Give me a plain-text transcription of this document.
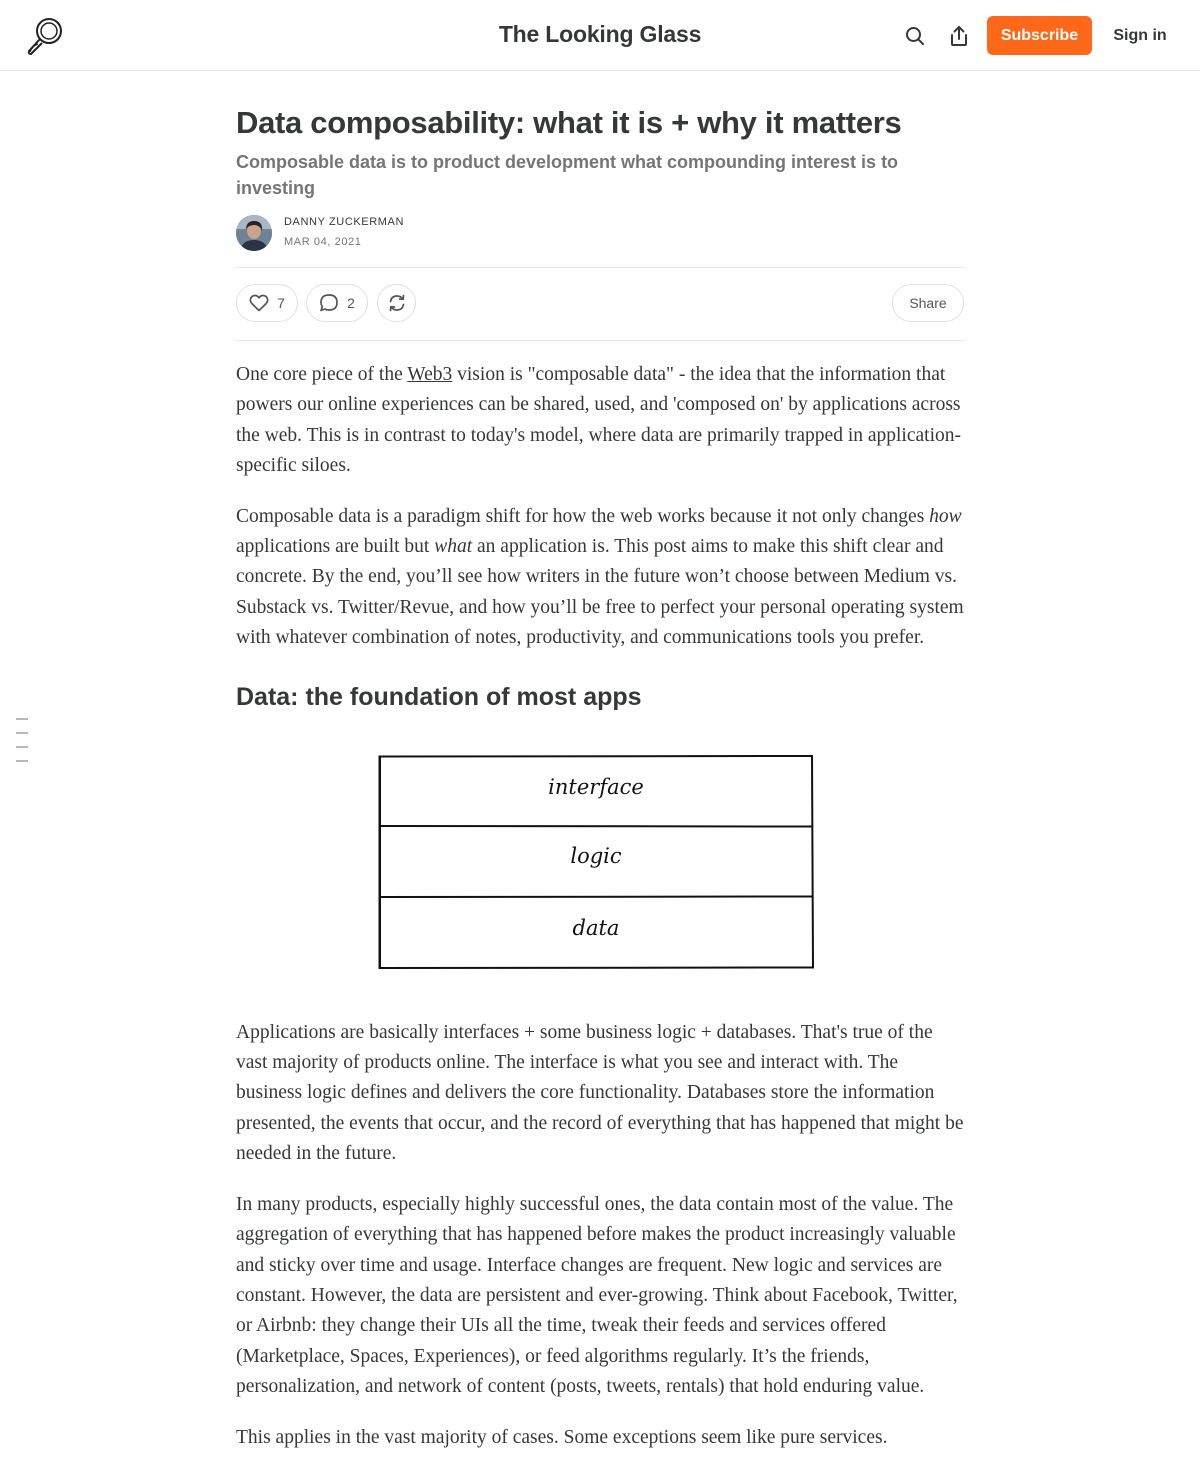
The Looking Glass	Subscribe	Sign in
Data composability: what it is + why it matters
Composable data is to product development what compounding interest is to investing
DANNY ZUCKERMAN
MAR 04, 2021
7	2	Share

One core piece of the Web3 vision is "composable data" - the idea that the information that powers our online experiences can be shared, used, and 'composed on' by applications across the web. This is in contrast to today's model, where data are primarily trapped in application-specific siloes.

Composable data is a paradigm shift for how the web works because it not only changes how applications are built but what an application is. This post aims to make this shift clear and concrete. By the end, you’ll see how writers in the future won’t choose between Medium vs. Substack vs. Twitter/Revue, and how you’ll be free to perfect your personal operating system with whatever combination of notes, productivity, and communications tools you prefer.

Data: the foundation of most apps
interface
logic
data

Applications are basically interfaces + some business logic + databases. That's true of the vast majority of products online. The interface is what you see and interact with. The business logic defines and delivers the core functionality. Databases store the information presented, the events that occur, and the record of everything that has happened that might be needed in the future.

In many products, especially highly successful ones, the data contain most of the value. The aggregation of everything that has happened before makes the product increasingly valuable and sticky over time and usage. Interface changes are frequent. New logic and services are constant. However, the data are persistent and ever-growing. Think about Facebook, Twitter, or Airbnb: they change their UIs all the time, tweak their feeds and services offered (Marketplace, Spaces, Experiences), or feed algorithms regularly. It’s the friends, personalization, and network of content (posts, tweets, rentals) that hold enduring value.

This applies in the vast majority of cases. Some exceptions seem like pure services.
